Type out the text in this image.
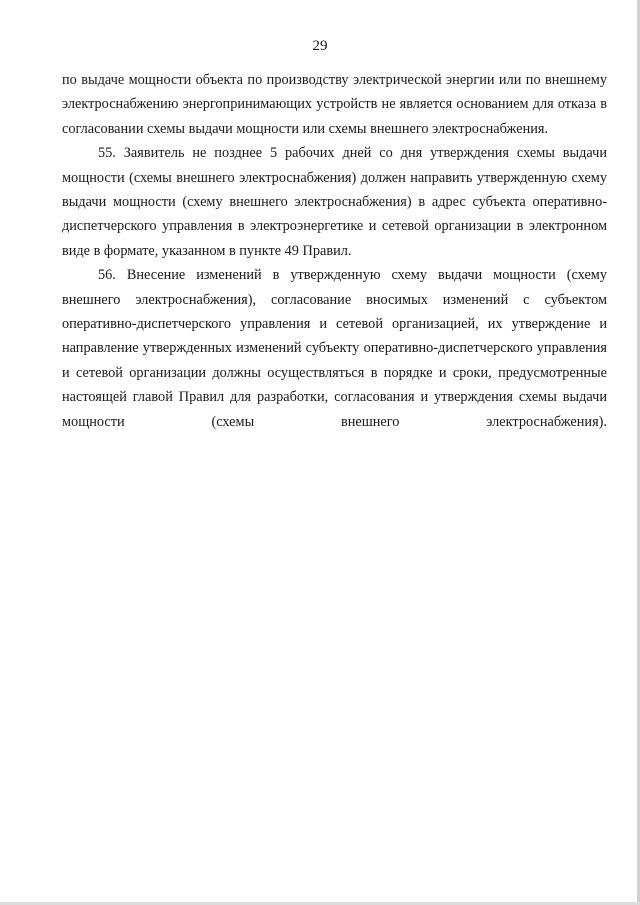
29

по выдаче мощности объекта по производству электрической энергии или по внешнему электроснабжению энергопринимающих устройств не является основанием для отказа в согласовании схемы выдачи мощности или схемы внешнего электроснабжения.

55. Заявитель не позднее 5 рабочих дней со дня утверждения схемы выдачи мощности (схемы внешнего электроснабжения) должен направить утвержденную схему выдачи мощности (схему внешнего электроснабжения) в адрес субъекта оперативно-диспетчерского управления в электроэнергетике и сетевой организации в электронном виде в формате, указанном в пункте 49 Правил.

56. Внесение изменений в утвержденную схему выдачи мощности (схему внешнего электроснабжения), согласование вносимых изменений с субъектом оперативно-диспетчерского управления и сетевой организацией, их утверждение и направление утвержденных изменений субъекту оперативно-диспетчерского управления и сетевой организации должны осуществляться в порядке и сроки, предусмотренные настоящей главой Правил для разработки, согласования и утверждения схемы выдачи мощности (схемы внешнего электроснабжения).
